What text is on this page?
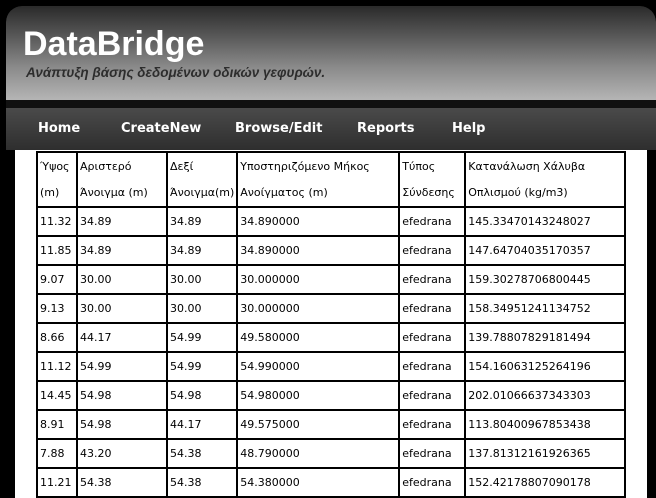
DataBridge
Ανάπτυξη βάσης δεδομένων οδικών γεφυρών.
Home	CreateNew	Browse/Edit	Reports	Help
Ύψος (m)	Αριστερό Άνοιγμα (m)	Δεξί Άνοιγμα(m)	Υποστηριζόμενο Μήκος Ανοίγματος (m)	Τύπος Σύνδεσης	Κατανάλωση Χάλυβα Οπλισμού (kg/m3)
11.32	34.89	34.89	34.890000	efedrana	145.33470143248027
11.85	34.89	34.89	34.890000	efedrana	147.64704035170357
9.07	30.00	30.00	30.000000	efedrana	159.30278706800445
9.13	30.00	30.00	30.000000	efedrana	158.34951241134752
8.66	44.17	54.99	49.580000	efedrana	139.78807829181494
11.12	54.99	54.99	54.990000	efedrana	154.16063125264196
14.45	54.98	54.98	54.980000	efedrana	202.01066637343303
8.91	54.98	44.17	49.575000	efedrana	113.80400967853438
7.88	43.20	54.38	48.790000	efedrana	137.81312161926365
11.21	54.38	54.38	54.380000	efedrana	152.42178807090178
